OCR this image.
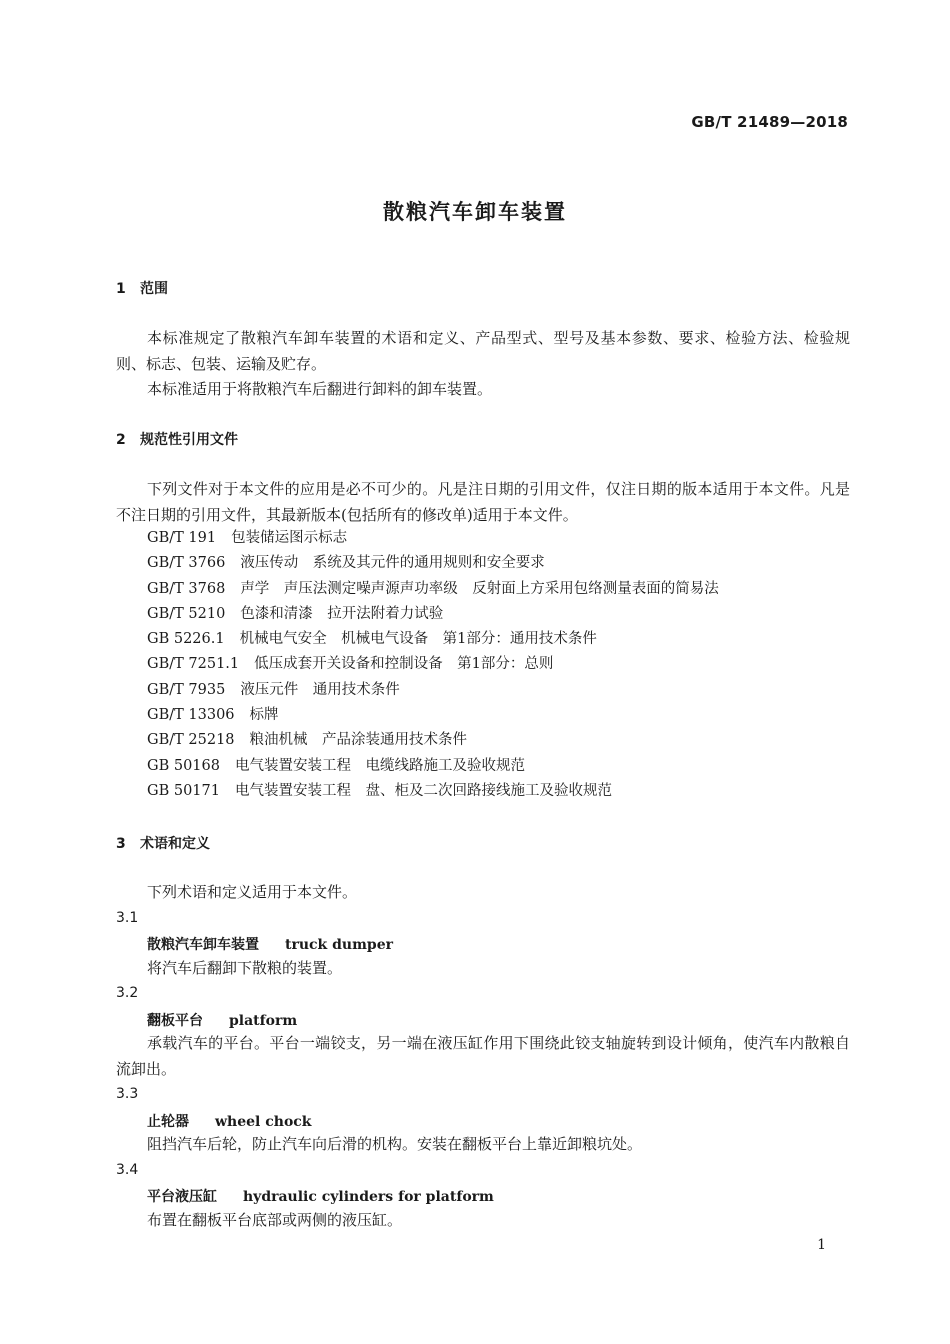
GB/T 21489—2018
散粮汽车卸车装置
1 范围
本标准规定了散粮汽车卸车装置的术语和定义、产品型式、型号及基本参数、要求、检验方法、检验规则、标志、包装、运输及贮存。
本标准适用于将散粮汽车后翻进行卸料的卸车装置。
2 规范性引用文件
下列文件对于本文件的应用是必不可少的。凡是注日期的引用文件，仅注日期的版本适用于本文件。凡是不注日期的引用文件，其最新版本(包括所有的修改单)适用于本文件。
GB/T 191 包装储运图示标志
GB/T 3766 液压传动　系统及其元件的通用规则和安全要求
GB/T 3768 声学　声压法测定噪声源声功率级　反射面上方采用包络测量表面的简易法
GB/T 5210 色漆和清漆　拉开法附着力试验
GB 5226.1 机械电气安全　机械电气设备　第1部分：通用技术条件
GB/T 7251.1 低压成套开关设备和控制设备　第1部分：总则
GB/T 7935 液压元件　通用技术条件
GB/T 13306 标牌
GB/T 25218 粮油机械　产品涂装通用技术条件
GB 50168 电气装置安装工程　电缆线路施工及验收规范
GB 50171 电气装置安装工程　盘、柜及二次回路接线施工及验收规范
3 术语和定义
下列术语和定义适用于本文件。
3.1
散粮汽车卸车装置 truck dumper
将汽车后翻卸下散粮的装置。
3.2
翻板平台 platform
承载汽车的平台。平台一端铰支，另一端在液压缸作用下围绕此铰支轴旋转到设计倾角，使汽车内散粮自流卸出。
3.3
止轮器 wheel chock
阻挡汽车后轮，防止汽车向后滑的机构。安装在翻板平台上靠近卸粮坑处。
3.4
平台液压缸 hydraulic cylinders for platform
布置在翻板平台底部或两侧的液压缸。
1
